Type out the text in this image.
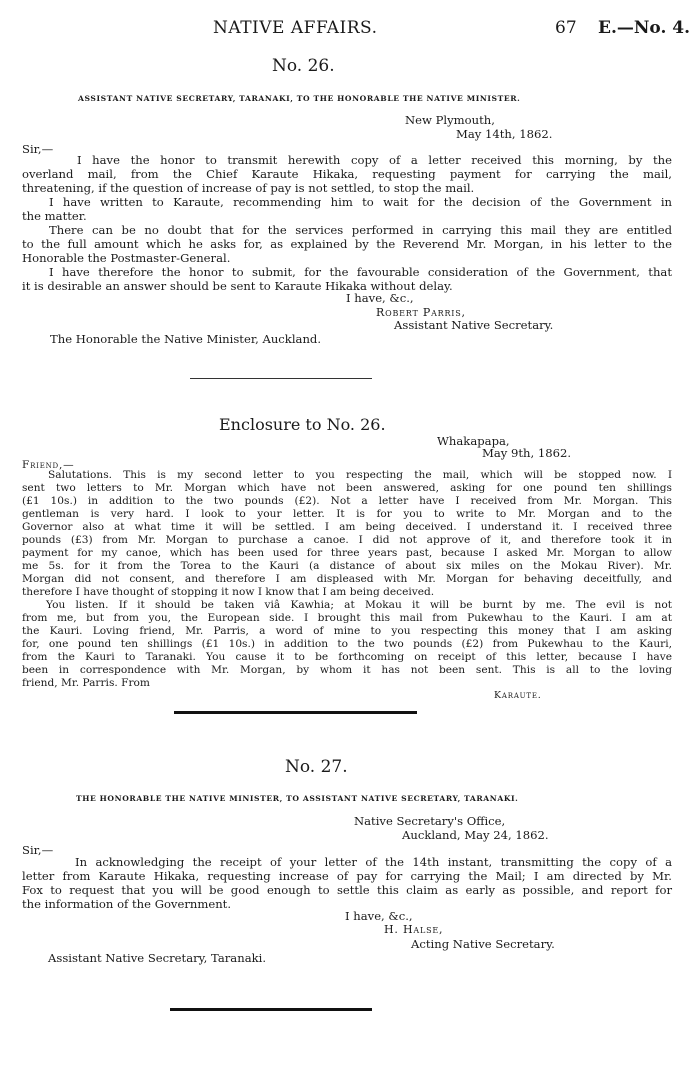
NATIVE AFFAIRS.	67 E.—No. 4.
No. 26.
ASSISTANT NATIVE SECRETARY, TARANAKI, TO THE HONORABLE THE NATIVE MINISTER.
New Plymouth,
May 14th, 1862.
Sir,—
I have the honor to transmit herewith copy of a letter received this morning, by the
overland mail, from the Chief Karaute Hikaka, requesting payment for carrying the mail,
threatening, if the question of increase of pay is not settled, to stop the mail.
I have written to Karaute, recommending him to wait for the decision of the Government in
the matter.
There can be no doubt that for the services performed in carrying this mail they are entitled
to the full amount which he asks for, as explained by the Reverend Mr. Morgan, in his letter to the
Honorable the Postmaster-General.
I have therefore the honor to submit, for the favourable consideration of the Government, that
it is desirable an answer should be sent to Karaute Hikaka without delay.
I have, &c.,
Robert Parris,
Assistant Native Secretary.
The Honorable the Native Minister, Auckland.
Enclosure to No. 26.
Whakapapa,
May 9th, 1862.
Friend,—
Salutations. This is my second letter to you respecting the mail, which will be stopped now. I
sent two letters to Mr. Morgan which have not been answered, asking for one pound ten shillings
(£1 10s.) in addition to the two pounds (£2). Not a letter have I received from Mr. Morgan. This
gentleman is very hard. I look to your letter. It is for you to write to Mr. Morgan and to the
Governor also at what time it will be settled. I am being deceived. I understand it. I received three
pounds (£3) from Mr. Morgan to purchase a canoe. I did not approve of it, and therefore took it in
payment for my canoe, which has been used for three years past, because I asked Mr. Morgan to allow
me 5s. for it from the Torea to the Kauri (a distance of about six miles on the Mokau River). Mr.
Morgan did not consent, and therefore I am displeased with Mr. Morgan for behaving deceitfully, and
therefore I have thought of stopping it now I know that I am being deceived.
You listen. If it should be taken viâ Kawhia; at Mokau it will be burnt by me. The evil is not
from me, but from you, the European side. I brought this mail from Pukewhau to the Kauri. I am at
the Kauri. Loving friend, Mr. Parris, a word of mine to you respecting this money that I am asking
for, one pound ten shillings (£1 10s.) in addition to the two pounds (£2) from Pukewhau to the Kauri,
from the Kauri to Taranaki. You cause it to be forthcoming on receipt of this letter, because I have
been in correspondence with Mr. Morgan, by whom it has not been sent. This is all to the loving
friend, Mr. Parris. From
Karaute.
No. 27.
THE HONORABLE THE NATIVE MINISTER, TO ASSISTANT NATIVE SECRETARY, TARANAKI.
Native Secretary's Office,
Auckland, May 24, 1862.
Sir,—
In acknowledging the receipt of your letter of the 14th instant, transmitting the copy of a
letter from Karaute Hikaka, requesting increase of pay for carrying the Mail; I am directed by Mr.
Fox to request that you will be good enough to settle this claim as early as possible, and report for
the information of the Government.
I have, &c.,
H. Halse,
Acting Native Secretary.
Assistant Native Secretary, Taranaki.
